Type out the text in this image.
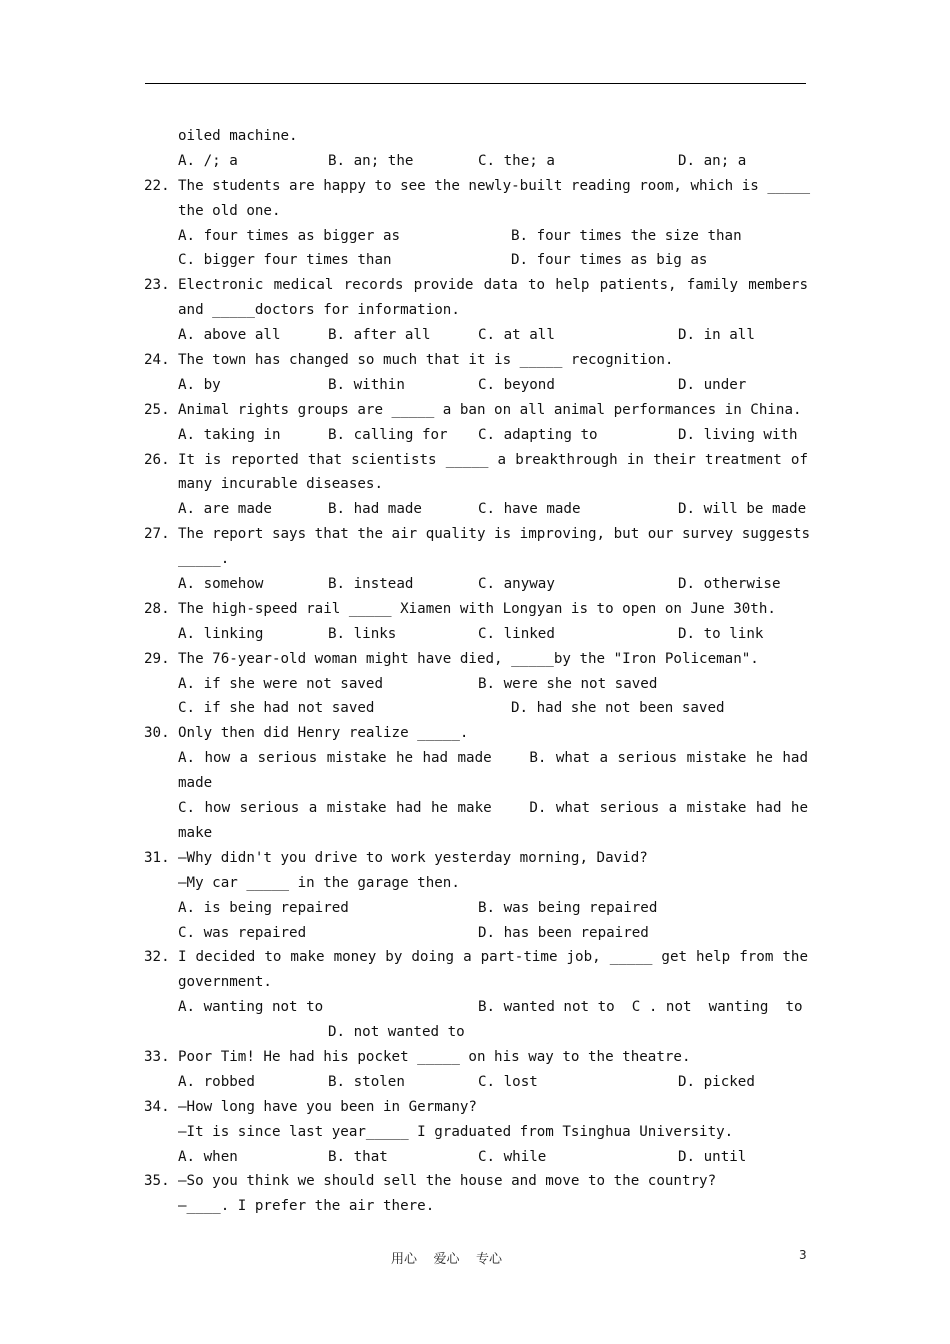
oiled machine.

A. /; a

	B. an; the

	C. the; a

	D. an; a

22.

The students are happy to see the newly-built reading room, which is _____

the old one.

A. four times as bigger as

	B. four times the size than

C. bigger four times than

	D. four times as big as

23.

Electronic medical records provide data to help patients, family members

and _____doctors for information.

A. above all

	B. after all

	C. at all

	D. in all

24.

The town has changed so much that it is _____ recognition.

A. by

	B. within

	C. beyond

	D. under

25.

Animal rights groups are _____ a ban on all animal performances in China.

A. taking in

	B. calling for

C. adapting to

	D. living with

26.

It is reported that scientists _____ a breakthrough in their treatment of

many incurable diseases.

A. are made

	B. had made

	C. have made

	D. will be made

27.

The report says that the air quality is improving, but our survey suggests

_____.

A. somehow

	B. instead

	C. anyway

	D. otherwise

28.

The high-speed rail _____ Xiamen with Longyan is to open on June 30th.

A. linking

	B. links

	C. linked

	D. to link

29.

The 76-year-old woman might have died, _____by the "Iron Policeman".

A. if she were not saved

	B. were she not saved

C. if she had not saved

	D. had she not been saved

30.

Only then did Henry realize _____.

A. how a serious mistake he had made    B. what a serious mistake he had

made

C. how serious a mistake had he make    D. what serious a mistake had he

make

31.

—Why didn't you drive to work yesterday morning, David?

—My car _____ in the garage then.

A. is being repaired

	B. was being repaired

C. was repaired

	D. has been repaired

32.

I decided to make money by doing a part-time job, _____ get help from the

government.

A. wanting not to

	B. wanted not to  C . not  wanting  to

D. not wanted to

33.

Poor Tim! He had his pocket _____ on his way to the theatre.

A. robbed

	B. stolen

	C. lost

	D. picked

34.

—How long have you been in Germany?

—It is since last year_____ I graduated from Tsinghua University.

A. when

	B. that

	C. while

	D. until

35.

—So you think we should sell the house and move to the country?

—____. I prefer the air there.

用心    爱心    专心	3
